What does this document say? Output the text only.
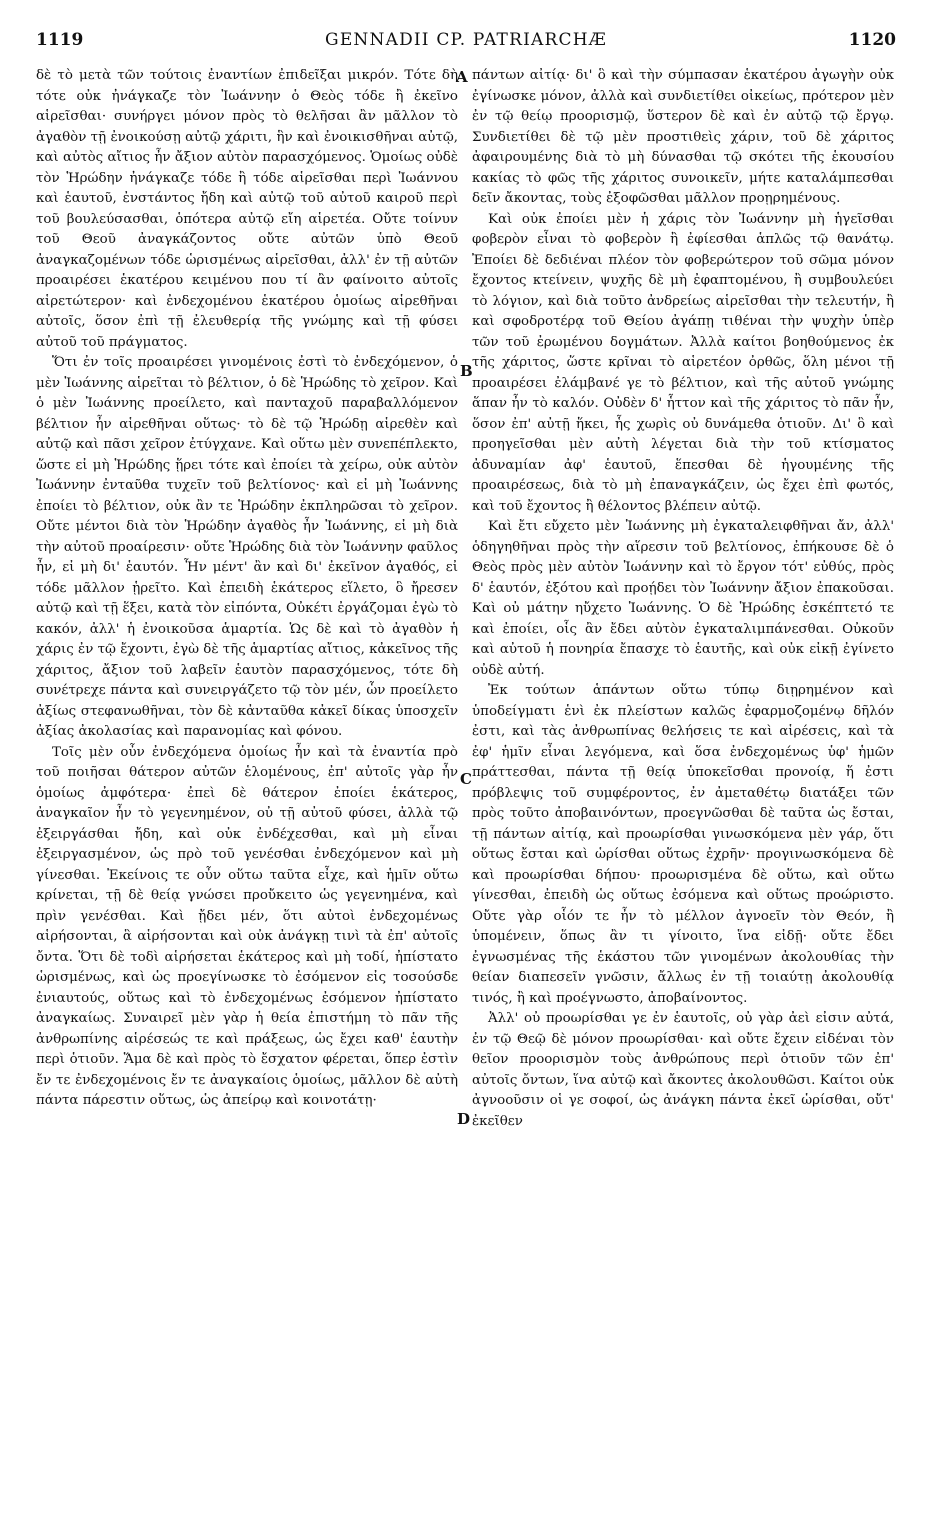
1119	GENNADII CP. PATRIARCHÆ	1120

δὲ τὸ μετὰ τῶν τούτοις ἐναντίων ἐπιδεῖξαι μικρόν. Τότε δὴ τότε οὐκ ἠνάγκαζε τὸν Ἰωάννην ὁ Θεὸς τόδε ἢ ἐκεῖνο αἱρεῖσθαι· συνήργει μόνον πρὸς τὸ θελῆσαι ἂν μᾶλλον τὸ ἀγαθὸν τῇ ἐνοικούσῃ αὐτῷ χάριτι, ἣν καὶ ἐνοικισθῆναι αὐτῷ, καὶ αὐτὸς αἴτιος ἦν ἄξιον αὐτὸν παρασχόμενος. Ὁμοίως οὐδὲ τὸν Ἡρώδην ἠνάγκαζε τόδε ἢ τόδε αἱρεῖσθαι περὶ Ἰωάννου καὶ ἑαυτοῦ, ἐνστάντος ἤδη καὶ αὐτῷ τοῦ αὐτοῦ καιροῦ περὶ τοῦ βουλεύσασθαι, ὁπότερα αὐτῷ εἴη αἱρετέα. Οὔτε τοίνυν τοῦ Θεοῦ ἀναγκάζοντος οὔτε αὐτῶν ὑπὸ Θεοῦ ἀναγκαζομένων τόδε ὡρισμένως αἱρεῖσθαι, ἀλλ' ἐν τῇ αὐτῶν προαιρέσει ἑκατέρου κειμένου που τί ἂν φαίνοιτο αὐτοῖς αἱρετώτερον· καὶ ἐνδεχομένου ἑκατέρου ὁμοίως αἱρεθῆναι αὐτοῖς, ὅσον ἐπὶ τῇ ἐλευθερίᾳ τῆς γνώμης καὶ τῇ φύσει αὐτοῦ τοῦ πράγματος.

Ὅτι ἐν τοῖς προαιρέσει γινομένοις ἐστὶ τὸ ἐνδεχόμενον, ὁ μὲν Ἰωάννης αἱρεῖται τὸ βέλτιον, ὁ δὲ Ἡρώδης τὸ χεῖρον. Καὶ ὁ μὲν Ἰωάννης προείλετο, καὶ πανταχοῦ παραβαλλόμενον βέλτιον ἦν αἱρεθῆναι οὕτως· τὸ δὲ τῷ Ἡρώδῃ αἱρεθὲν καὶ αὐτῷ καὶ πᾶσι χεῖρον ἐτύγχανε. Καὶ οὕτω μὲν συνεπέπλεκτο, ὥστε εἰ μὴ Ἡρώδης ᾕρει τότε καὶ ἐποίει τὰ χείρω, οὐκ αὐτὸν Ἰωάννην ἐνταῦθα τυχεῖν τοῦ βελτίονος· καὶ εἰ μὴ Ἰωάννης ἐποίει τὸ βέλτιον, οὐκ ἂν τε Ἡρώδην ἐκπληρῶσαι τὸ χεῖρον. Οὔτε μέντοι διὰ τὸν Ἡρώδην ἀγαθὸς ἦν Ἰωάννης, εἰ μὴ διὰ τὴν αὐτοῦ προαίρεσιν· οὔτε Ἡρώδης διὰ τὸν Ἰωάννην φαῦλος ἦν, εἰ μὴ δι' ἑαυτόν. Ἦν μέντ' ἂν καὶ δι' ἐκεῖνον ἀγαθός, εἰ τόδε μᾶλλον ᾑρεῖτο. Καὶ ἐπειδὴ ἑκάτερος εἵλετο, ὃ ἤρεσεν αὐτῷ καὶ τῇ ἕξει, κατὰ τὸν εἰπόντα, Οὐκέτι ἐργάζομαι ἐγὼ τὸ κακόν, ἀλλ' ἡ ἐνοικοῦσα ἁμαρτία. Ὡς δὲ καὶ τὸ ἀγαθὸν ἡ χάρις ἐν τῷ ἔχοντι, ἐγὼ δὲ τῆς ἁμαρτίας αἴτιος, κἀκεῖνος τῆς χάριτος, ἄξιον τοῦ λαβεῖν ἑαυτὸν παρασχόμενος, τότε δὴ συνέτρεχε πάντα καὶ συνειργάζετο τῷ τὸν μέν, ὧν προείλετο ἀξίως στεφανωθῆναι, τὸν δὲ κἀνταῦθα κἀκεῖ δίκας ὑποσχεῖν ἀξίας ἀκολασίας καὶ παρανομίας καὶ φόνου.

Τοῖς μὲν οὖν ἐνδεχόμενα ὁμοίως ἦν καὶ τὰ ἐναντία πρὸ τοῦ ποιῆσαι θάτερον αὐτῶν ἑλομένους, ἐπ' αὐτοῖς γὰρ ἦν ὁμοίως ἀμφότερα· ἐπεὶ δὲ θάτερον ἐποίει ἑκάτερος, ἀναγκαῖον ἦν τὸ γεγενημένον, οὐ τῇ αὐτοῦ φύσει, ἀλλὰ τῷ ἐξειργάσθαι ἤδη, καὶ οὐκ ἐνδέχεσθαι, καὶ μὴ εἶναι ἐξειργασμένον, ὡς πρὸ τοῦ γενέσθαι ἐνδεχόμενον καὶ μὴ γίνεσθαι. Ἐκείνοις τε οὖν οὕτω ταῦτα εἶχε, καὶ ἡμῖν οὕτω κρίνεται, τῇ δὲ θείᾳ γνώσει προὔκειτο ὡς γεγενημένα, καὶ πρὶν γενέσθαι. Καὶ ᾔδει μέν, ὅτι αὐτοὶ ἐνδεχομένως αἱρήσονται, ἃ αἱρήσονται καὶ οὐκ ἀνάγκῃ τινὶ τὰ ἐπ' αὐτοῖς ὄντα. Ὅτι δὲ τοδὶ αἱρήσεται ἑκάτερος καὶ μὴ τοδί, ἠπίστατο ὡρισμένως, καὶ ὡς προεγίνωσκε τὸ ἐσόμενον εἰς τοσούσδε ἐνιαυτούς, οὕτως καὶ τὸ ἐνδεχομένως ἐσόμενον ἠπίστατο ἀναγκαίως. Συναιρεῖ μὲν γὰρ ἡ θεία ἐπιστήμη τὸ πᾶν τῆς ἀνθρωπίνης αἱρέσεώς τε καὶ πράξεως, ὡς ἔχει καθ' ἑαυτὴν περὶ ὁτιοῦν. Ἅμα δὲ καὶ πρὸς τὸ ἔσχατον φέρεται, ὅπερ ἐστὶν ἔν τε ἐνδεχομένοις ἔν τε ἀναγκαίοις ὁμοίως, μᾶλλον δὲ αὐτὴ πάντα πάρεστιν οὕτως, ὡς ἀπείρῳ καὶ κοινοτάτῃ·

A
B
C
D

πάντων αἰτίᾳ· δι' ὃ καὶ τὴν σύμπασαν ἑκατέρου ἀγωγὴν οὐκ ἐγίνωσκε μόνον, ἀλλὰ καὶ συνδιετίθει οἰκείως, πρότερον μὲν ἐν τῷ θείῳ προορισμῷ, ὕστερον δὲ καὶ ἐν αὐτῷ τῷ ἔργῳ. Συνδιετίθει δὲ τῷ μὲν προστιθεὶς χάριν, τοῦ δὲ χάριτος ἀφαιρουμένης διὰ τὸ μὴ δύνασθαι τῷ σκότει τῆς ἑκουσίου κακίας τὸ φῶς τῆς χάριτος συνοικεῖν, μήτε καταλάμπεσθαι δεῖν ἄκοντας, τοὺς ἐξοφῶσθαι μᾶλλον προῃρημένους.

Καὶ οὐκ ἐποίει μὲν ἡ χάρις τὸν Ἰωάννην μὴ ἡγεῖσθαι φοβερὸν εἶναι τὸ φοβερὸν ἢ ἐφίεσθαι ἁπλῶς τῷ θανάτῳ. Ἐποίει δὲ δεδιέναι πλέον τὸν φοβερώτερον τοῦ σῶμα μόνον ἔχοντος κτείνειν, ψυχῆς δὲ μὴ ἐφαπτομένου, ἢ συμβουλεύει τὸ λόγιον, καὶ διὰ τοῦτο ἀνδρείως αἱρεῖσθαι τὴν τελευτήν, ἢ καὶ σφοδροτέρᾳ τοῦ Θείου ἀγάπῃ τιθέναι τὴν ψυχὴν ὑπὲρ τῶν τοῦ ἐρωμένου δογμάτων. Ἀλλὰ καίτοι βοηθούμενος ἐκ τῆς χάριτος, ὥστε κρῖναι τὸ αἱρετέον ὀρθῶς, ὅλη μένοι τῇ προαιρέσει ἐλάμβανέ γε τὸ βέλτιον, καὶ τῆς αὐτοῦ γνώμης ἅπαν ἦν τὸ καλόν. Οὐδὲν δ' ἧττον καὶ τῆς χάριτος τὸ πᾶν ἦν, ὅσον ἐπ' αὐτῇ ἥκει, ἧς χωρὶς οὐ δυνάμεθα ὁτιοῦν. Δι' ὃ καὶ προηγεῖσθαι μὲν αὐτὴ λέγεται διὰ τὴν τοῦ κτίσματος ἀδυναμίαν ἀφ' ἑαυτοῦ, ἕπεσθαι δὲ ἡγουμένης τῆς προαιρέσεως, διὰ τὸ μὴ ἐπαναγκάζειν, ὡς ἔχει ἐπὶ φωτός, καὶ τοῦ ἔχοντος ἢ θέλοντος βλέπειν αὐτῷ.

Καὶ ἔτι εὔχετο μὲν Ἰωάννης μὴ ἐγκαταλειφθῆναι ἄν, ἀλλ' ὁδηγηθῆναι πρὸς τὴν αἵρεσιν τοῦ βελτίονος, ἐπήκουσε δὲ ὁ Θεὸς πρὸς μὲν αὐτὸν Ἰωάννην καὶ τὸ ἔργον τότ' εὐθύς, πρὸς δ' ἑαυτόν, ἐξότου καὶ προῄδει τὸν Ἰωάννην ἄξιον ἐπακοῦσαι. Καὶ οὐ μάτην ηὔχετο Ἰωάννης. Ὁ δὲ Ἡρώδης ἐσκέπτετό τε καὶ ἐποίει, οἷς ἂν ἔδει αὐτὸν ἐγκαταλιμπάνεσθαι. Οὐκοῦν καὶ αὐτοῦ ἡ πονηρία ἔπασχε τὸ ἑαυτῆς, καὶ οὐκ εἰκῇ ἐγίνετο οὐδὲ αὐτή.

Ἐκ τούτων ἁπάντων οὕτω τύπῳ διῃρημένον καὶ ὑποδείγματι ἑνὶ ἐκ πλείστων καλῶς ἐφαρμοζομένῳ δῆλόν ἐστι, καὶ τὰς ἀνθρωπίνας θελήσεις τε καὶ αἱρέσεις, καὶ τὰ ἐφ' ἡμῖν εἶναι λεγόμενα, καὶ ὅσα ἐνδεχομένως ὑφ' ἡμῶν πράττεσθαι, πάντα τῇ θείᾳ ὑποκεῖσθαι προνοίᾳ, ἥ ἐστι πρόβλεψις τοῦ συμφέροντος, ἐν ἀμεταθέτῳ διατάξει τῶν πρὸς τοῦτο ἀποβαινόντων, προεγνῶσθαι δὲ ταῦτα ὡς ἔσται, τῇ πάντων αἰτίᾳ, καὶ προωρίσθαι γινωσκόμενα μὲν γάρ, ὅτι οὕτως ἔσται καὶ ὡρίσθαι οὕτως ἐχρῆν· προγινωσκόμενα δὲ καὶ προωρίσθαι δήπου· προωρισμένα δὲ οὕτω, καὶ οὕτω γίνεσθαι, ἐπειδὴ ὡς οὕτως ἐσόμενα καὶ οὕτως προώριστο. Οὔτε γὰρ οἷόν τε ἦν τὸ μέλλον ἀγνοεῖν τὸν Θεόν, ἢ ὑπομένειν, ὅπως ἂν τι γίνοιτο, ἵνα εἰδῇ· οὔτε ἔδει ἐγνωσμένας τῆς ἑκάστου τῶν γινομένων ἀκολουθίας τὴν θείαν διαπεσεῖν γνῶσιν, ἄλλως ἐν τῇ τοιαύτῃ ἀκολουθίᾳ τινός, ἢ καὶ προέγνωστο, ἀποβαίνοντος.

Ἀλλ' οὐ προωρίσθαι γε ἐν ἑαυτοῖς, οὐ γὰρ ἀεὶ εἰσιν αὐτά, ἐν τῷ Θεῷ δὲ μόνον προωρίσθαι· καὶ οὔτε ἔχειν εἰδέναι τὸν θεῖον προορισμὸν τοὺς ἀνθρώπους περὶ ὁτιοῦν τῶν ἐπ' αὐτοῖς ὄντων, ἵνα αὐτῷ καὶ ἄκοντες ἀκολουθῶσι. Καίτοι οὐκ ἀγνοοῦσιν οἱ γε σοφοί, ὡς ἀνάγκη πάντα ἐκεῖ ὡρίσθαι, οὔτ' ἐκεῖθεν
